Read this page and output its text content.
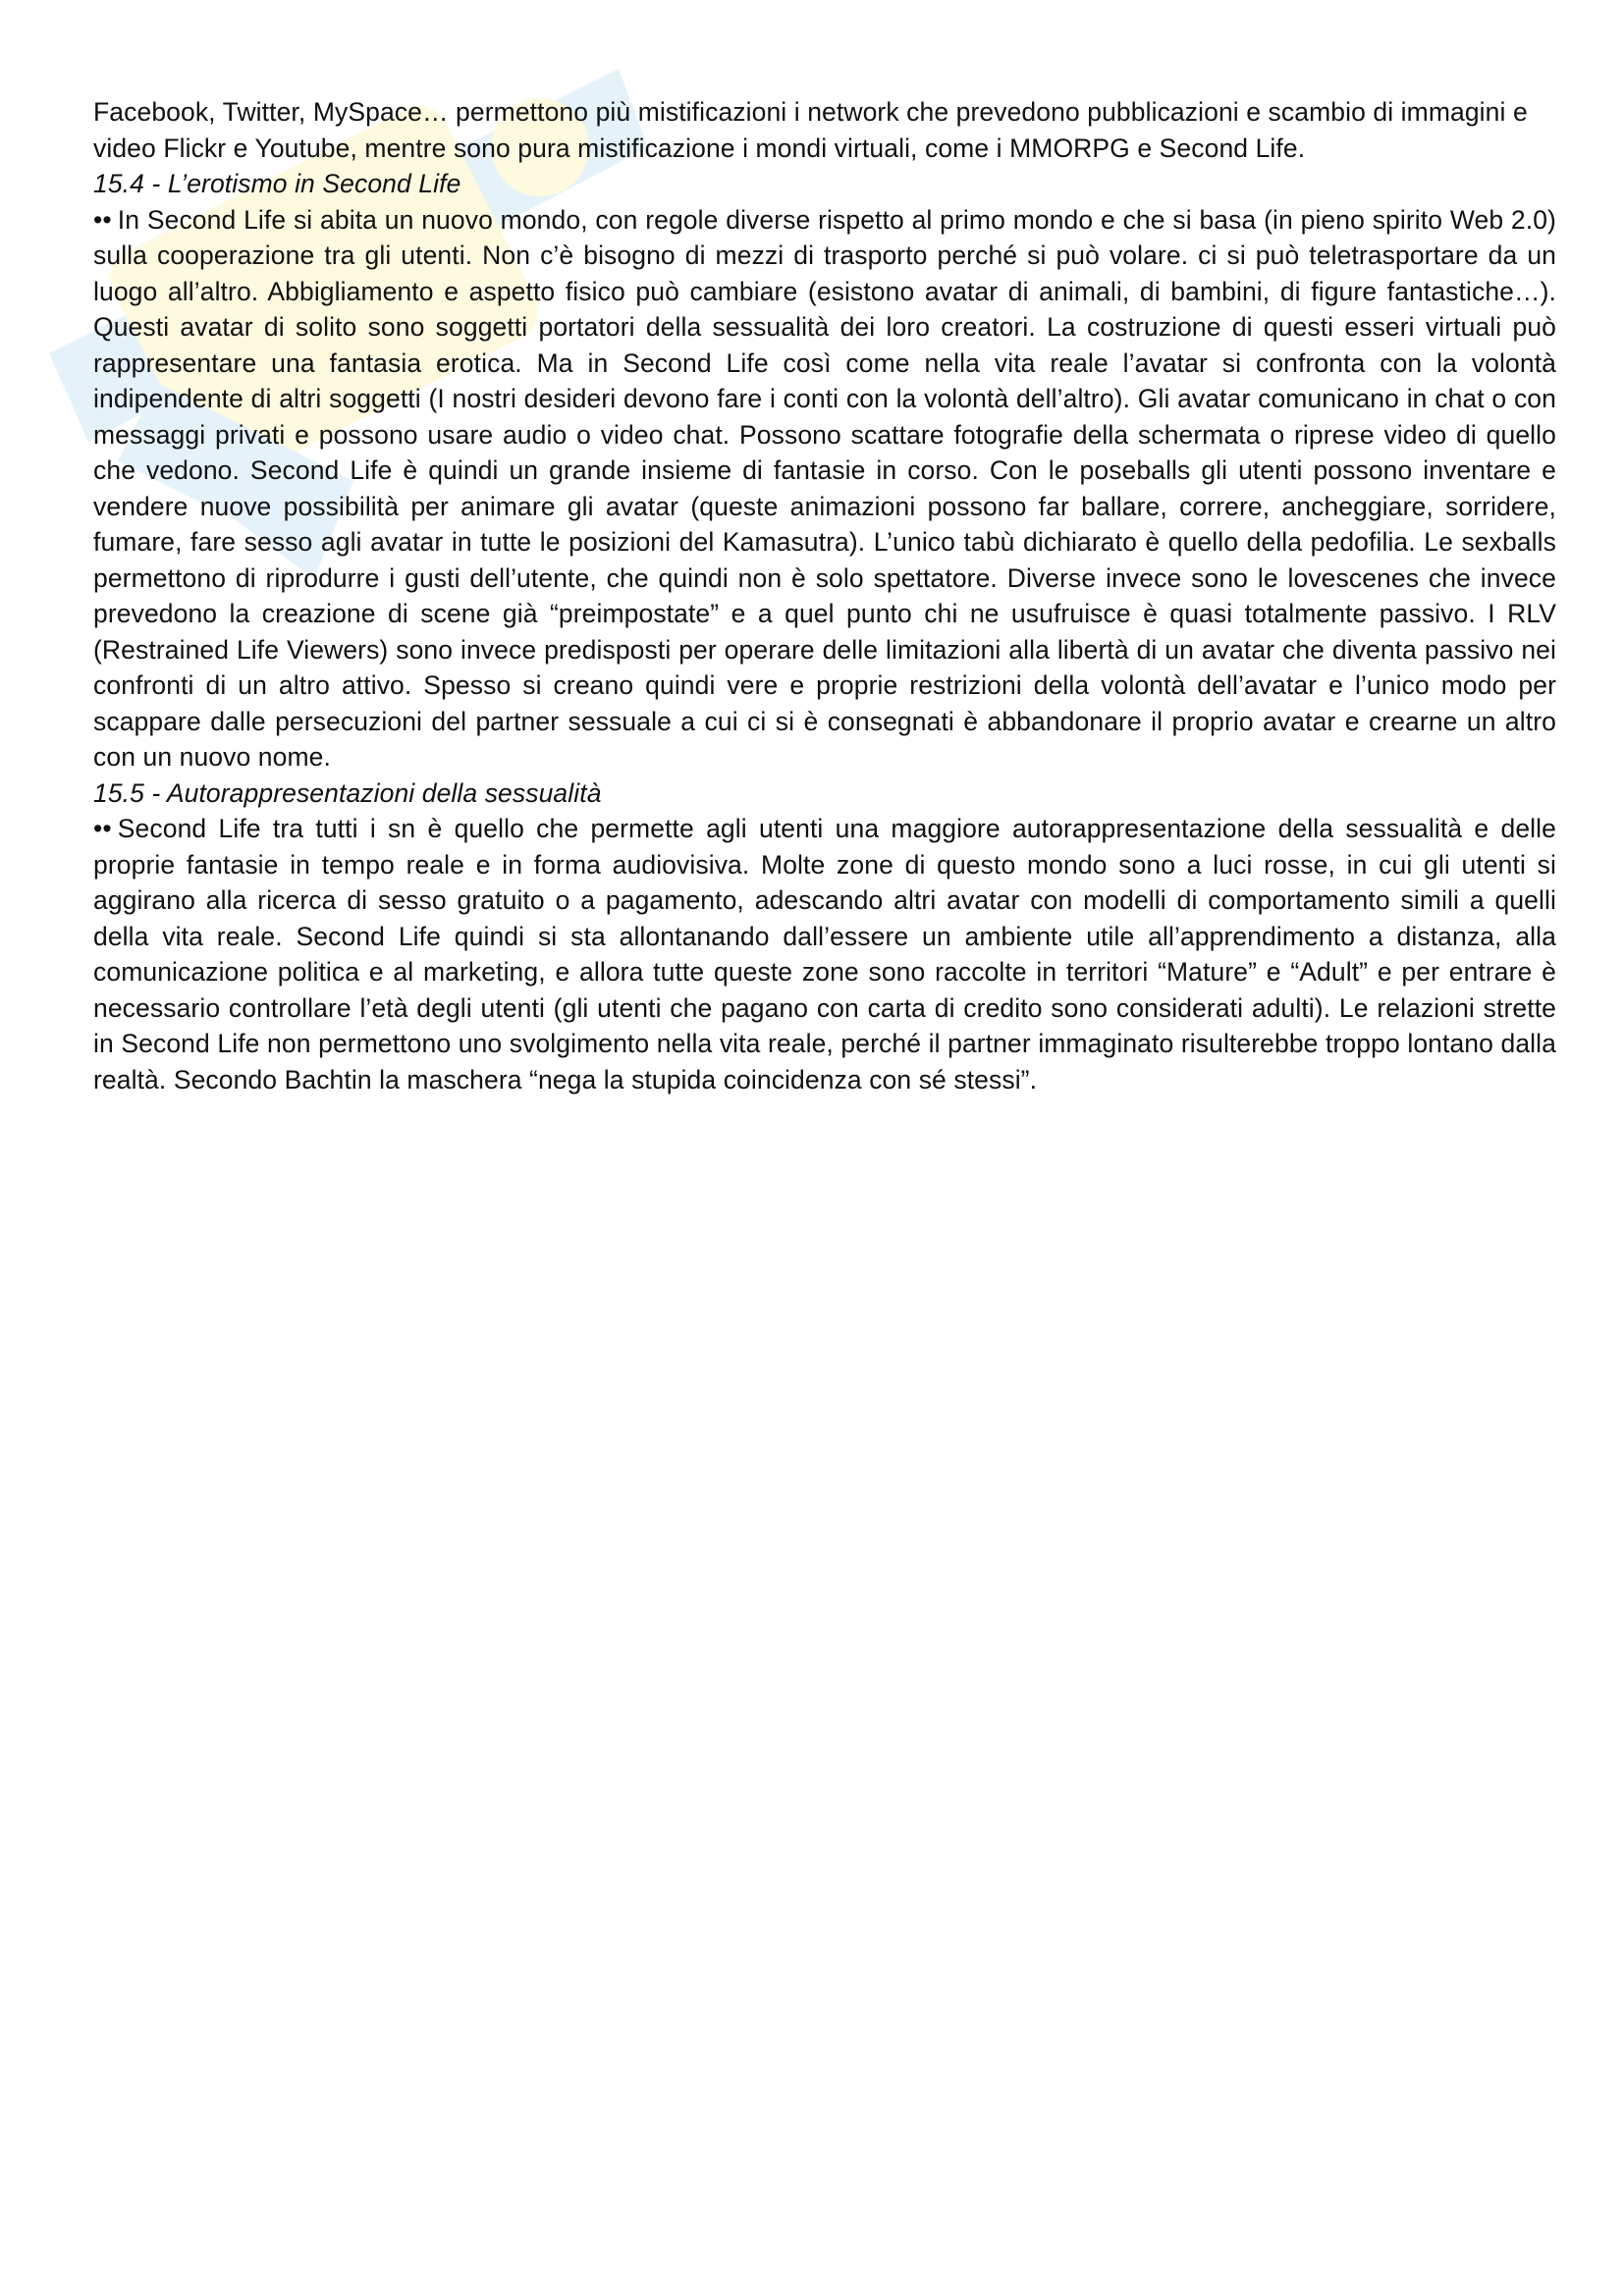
Facebook, Twitter, MySpace… permettono più mistificazioni i network che prevedono pubblicazioni e scambio di immagini e video Flickr e Youtube, mentre sono pura mistificazione i mondi virtuali, come i MMORPG e Second Life.

15.4 - L’erotismo in Second Life

•• In Second Life si abita un nuovo mondo, con regole diverse rispetto al primo mondo e che si basa (in pieno spirito Web 2.0) sulla cooperazione tra gli utenti. Non c’è bisogno di mezzi di trasporto perché si può volare. ci si può teletrasportare da un luogo all’altro. Abbigliamento e aspetto fisico può cambiare (esistono avatar di animali, di bambini, di figure fantastiche…). Questi avatar di solito sono soggetti portatori della sessualità dei loro creatori. La costruzione di questi esseri virtuali può rappresentare una fantasia erotica. Ma in Second Life così come nella vita reale l’avatar si confronta con la volontà indipendente di altri soggetti (I nostri desideri devono fare i conti con la volontà dell’altro). Gli avatar comunicano in chat o con messaggi privati e possono usare audio o video chat. Possono scattare fotografie della schermata o riprese video di quello che vedono. Second Life è quindi un grande insieme di fantasie in corso. Con le poseballs gli utenti possono inventare e vendere nuove possibilità per animare gli avatar (queste animazioni possono far ballare, correre, ancheggiare, sorridere, fumare, fare sesso agli avatar in tutte le posizioni del Kamasutra). L’unico tabù dichiarato è quello della pedofilia. Le sexballs permettono di riprodurre i gusti dell’utente, che quindi non è solo spettatore. Diverse invece sono le lovescenes che invece prevedono la creazione di scene già “preimpostate” e a quel punto chi ne usufruisce è quasi totalmente passivo. I RLV (Restrained Life Viewers) sono invece predisposti per operare delle limitazioni alla libertà di un avatar che diventa passivo nei confronti di un altro attivo. Spesso si creano quindi vere e proprie restrizioni della volontà dell’avatar e l’unico modo per scappare dalle persecuzioni del partner sessuale a cui ci si è consegnati è abbandonare il proprio avatar e crearne un altro con un nuovo nome.

15.5 - Autorappresentazioni della sessualità

•• Second Life tra tutti i sn è quello che permette agli utenti una maggiore autorappresentazione della sessualità e delle proprie fantasie in tempo reale e in forma audiovisiva. Molte zone di questo mondo sono a luci rosse, in cui gli utenti si aggirano alla ricerca di sesso gratuito o a pagamento, adescando altri avatar con modelli di comportamento simili a quelli della vita reale. Second Life quindi si sta allontanando dall’essere un ambiente utile all’apprendimento a distanza, alla comunicazione politica e al marketing, e allora tutte queste zone sono raccolte in territori “Mature” e “Adult” e per entrare è necessario controllare l’età degli utenti (gli utenti che pagano con carta di credito sono considerati adulti). Le relazioni strette in Second Life non permettono uno svolgimento nella vita reale, perché il partner immaginato risulterebbe troppo lontano dalla realtà. Secondo Bachtin la maschera “nega la stupida coincidenza con sé stessi”.
